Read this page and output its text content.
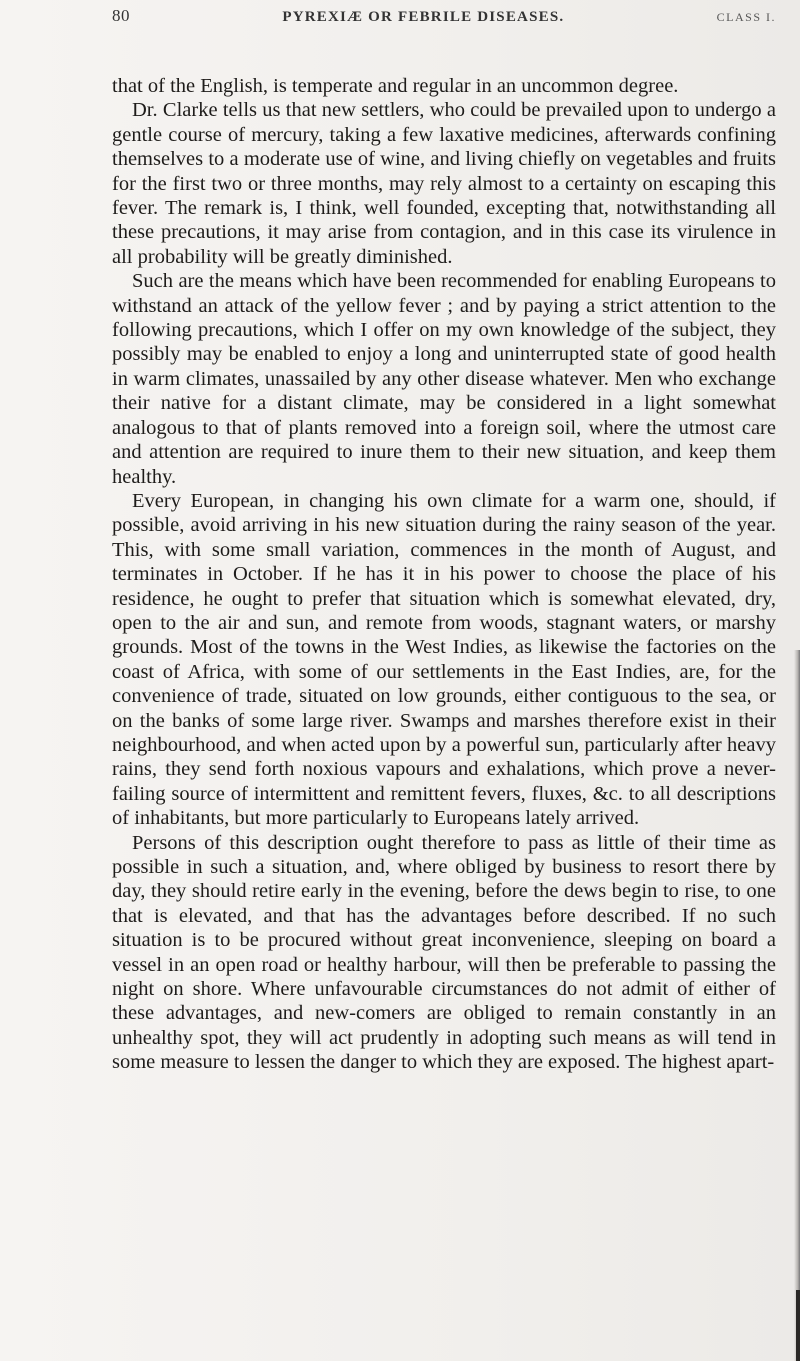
80	PYREXIÆ OR FEBRILE DISEASES.	CLASS I.

that of the English, is temperate and regular in an uncommon degree.

Dr. Clarke tells us that new settlers, who could be prevailed upon to undergo a gentle course of mercury, taking a few laxative medicines, afterwards confining themselves to a moderate use of wine, and living chiefly on vegetables and fruits for the first two or three months, may rely almost to a certainty on escaping this fever. The remark is, I think, well founded, excepting that, notwithstanding all these precautions, it may arise from contagion, and in this case its virulence in all probability will be greatly diminished.

Such are the means which have been recommended for enabling Europeans to withstand an attack of the yellow fever ; and by paying a strict attention to the following precautions, which I offer on my own knowledge of the subject, they possibly may be enabled to enjoy a long and uninterrupted state of good health in warm climates, unassailed by any other disease whatever. Men who exchange their native for a distant climate, may be considered in a light somewhat analogous to that of plants removed into a foreign soil, where the utmost care and attention are required to inure them to their new situation, and keep them healthy.

Every European, in changing his own climate for a warm one, should, if possible, avoid arriving in his new situation during the rainy season of the year. This, with some small variation, commences in the month of August, and terminates in October. If he has it in his power to choose the place of his residence, he ought to prefer that situation which is somewhat elevated, dry, open to the air and sun, and remote from woods, stagnant waters, or marshy grounds. Most of the towns in the West Indies, as likewise the factories on the coast of Africa, with some of our settlements in the East Indies, are, for the convenience of trade, situated on low grounds, either contiguous to the sea, or on the banks of some large river. Swamps and marshes therefore exist in their neighbourhood, and when acted upon by a powerful sun, particularly after heavy rains, they send forth noxious vapours and exhalations, which prove a never-failing source of intermittent and remittent fevers, fluxes, &c. to all descriptions of inhabitants, but more particularly to Europeans lately arrived.

Persons of this description ought therefore to pass as little of their time as possible in such a situation, and, where obliged by business to resort there by day, they should retire early in the evening, before the dews begin to rise, to one that is elevated, and that has the advantages before described. If no such situation is to be procured without great inconvenience, sleeping on board a vessel in an open road or healthy harbour, will then be preferable to passing the night on shore. Where unfavourable circumstances do not admit of either of these advantages, and new-comers are obliged to remain constantly in an unhealthy spot, they will act prudently in adopting such means as will tend in some measure to lessen the danger to which they are exposed. The highest apart-
